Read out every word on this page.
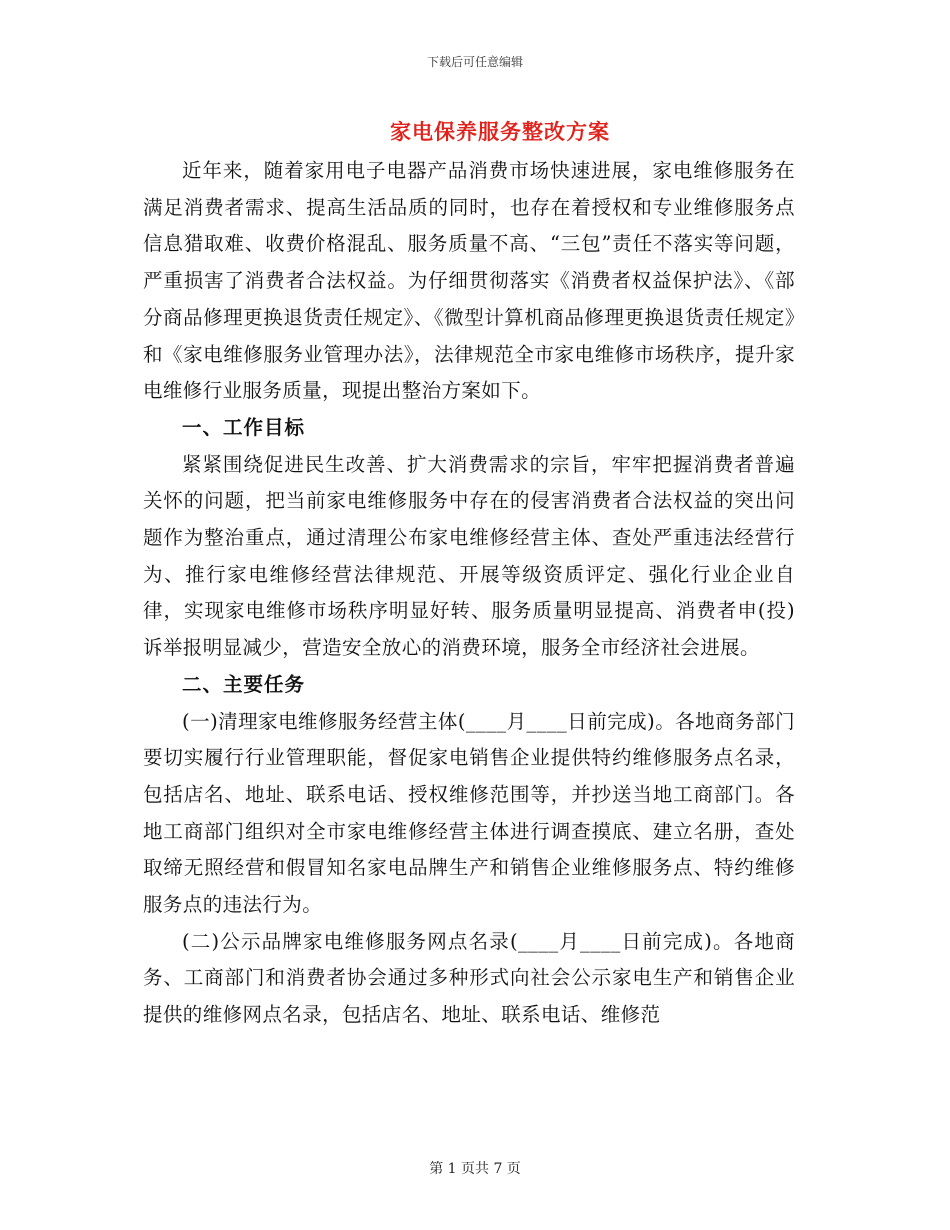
下载后可任意编辑
家电保养服务整改方案

近年来，随着家用电子电器产品消费市场快速进展，家电维修服务在满足消费者需求、提高生活品质的同时，也存在着授权和专业维修服务点信息猎取难、收费价格混乱、服务质量不高、“三包”责任不落实等问题，严重损害了消费者合法权益。为仔细贯彻落实《消费者权益保护法》、《部分商品修理更换退货责任规定》、《微型计算机商品修理更换退货责任规定》和《家电维修服务业管理办法》，法律规范全市家电维修市场秩序，提升家电维修行业服务质量，现提出整治方案如下。

一、工作目标

紧紧围绕促进民生改善、扩大消费需求的宗旨，牢牢把握消费者普遍关怀的问题，把当前家电维修服务中存在的侵害消费者合法权益的突出问题作为整治重点，通过清理公布家电维修经营主体、查处严重违法经营行为、推行家电维修经营法律规范、开展等级资质评定、强化行业企业自律，实现家电维修市场秩序明显好转、服务质量明显提高、消费者申(投)诉举报明显减少，营造安全放心的消费环境，服务全市经济社会进展。

二、主要任务

(一)清理家电维修服务经营主体(____月____日前完成)。各地商务部门要切实履行行业管理职能，督促家电销售企业提供特约维修服务点名录，包括店名、地址、联系电话、授权维修范围等，并抄送当地工商部门。各地工商部门组织对全市家电维修经营主体进行调查摸底、建立名册，查处取缔无照经营和假冒知名家电品牌生产和销售企业维修服务点、特约维修服务点的违法行为。

(二)公示品牌家电维修服务网点名录(____月____日前完成)。各地商务、工商部门和消费者协会通过多种形式向社会公示家电生产和销售企业提供的维修网点名录，包括店名、地址、联系电话、维修范

第 1 页共 7 页
